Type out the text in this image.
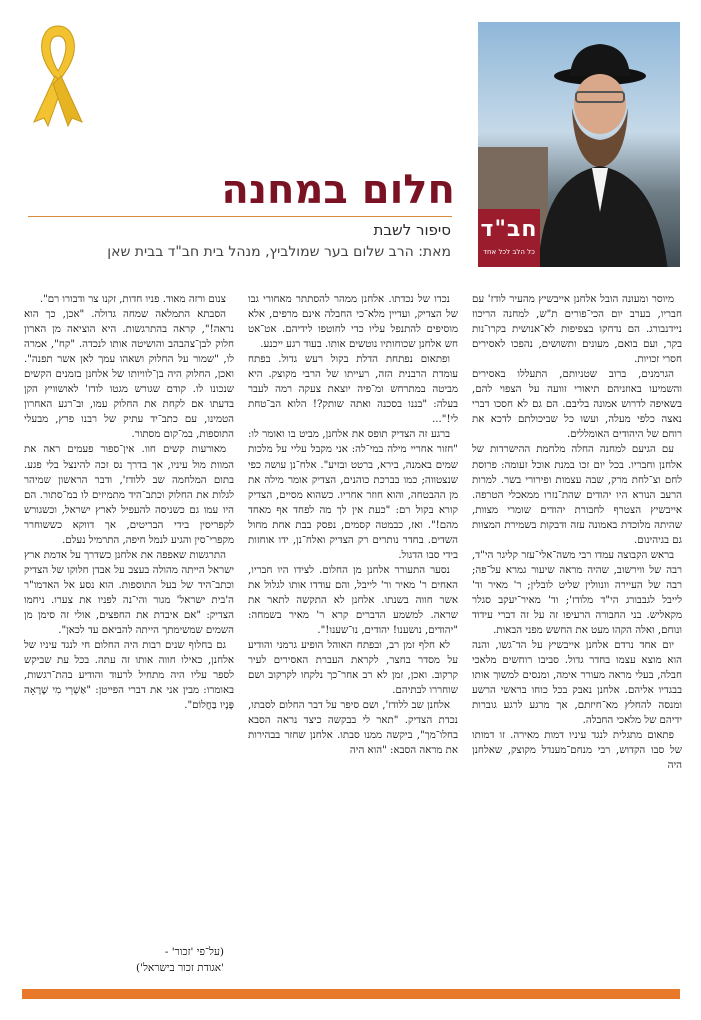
חב"ד
כל הלב לכל אחד
חלום במחנה
סיפור לשבת
מאת: הרב שלום בער שמולביץ, מנהל בית חב"ד בבית שאן

מיוסר ומעונה הובל אלחנן אייבשיץ מהעיר לודז' עם חבריו, בערב יום הכי־פורים ת"ש, למחנה הריכוז ניידנבורג. הם נדחקו בצפיפות לא־אנושית בקרו־נות בקר, ועם בואם, מעונים ותשושים, נהפכו לאסירים חסרי זכויות.

הגרמנים, ברוב שטניותם, התעללו באסירים והשמיעו באוזניהם תיאורי זוועה על הצפוי להם, בשאיפה לדרוש אמונה בליבם. הם גם לא חסכו דברי נאצה כלפי מעלה, ועשו כל שביכולתם לדכא את רוחם של היהודים האומללים.

עם הגיעם למחנה החלה מלחמת ההישרדות של אלחנן וחבריו. בכל יום זכו במנת אוכל זעומה: פרוסת לחם וצ־לחת מרק, שבה עצמות ופירורי בשר. למרות הרעב הנורא היו יהודים שהת־נזרו ממאכלי הטרפה. אייבשיץ הצטרף לחבורת יהודים שומרי מצוות, שהיתה מלוכדת באמונה עזה ודבקות בשמירת המצוות גם בגיהינום.

בראש הקבוצה עמדו רבי משה־אלי־עזר קליגר הי"ד, רבה של ווירשוב, שהיה מראה שיעור גמרא על־פה; רבה של העיירה וונוולין שליט לובלין; ר' מאיר וד' לייבל לגבבורג הי"ד מלודז'; וד' מאיר־יעקב סגלר מקאליש. בני החבורה הרעיפו זה על זה דברי עידוד ונוחם, ואלה הקהו מעט את החשש מפני הבאות.

יום אחד נרדם אלחנן אייבשיץ על הד־גשו, והנה הוא מוצא עצמו בחדר גדול. סביבו רוחשים מלאכי חבלה, בעלי מראה מעורר אימה, ומנסים למשוך אותו בבגדיו אליהם. אלחנן נאבק בכל כוחו בראשי הרשע ומנסה להחלץ מא־חיזתם, אך מרגע לרגע גוברות ידיהם של מלאכי החבלה.

פתאום מתגלית לנגד עיניו דמות מאירה. זו דמותו של סבו הקדוש, רבי מנחם־מענדל מקוצק, שאלחנן היה

נכדו של נכדתו. אלחנן ממהר להסתתר מאחורי גבו של הצדיק, ועדיין מלא־כי החבלה אינם מרפים, אלא מוסיפים להתנפל עליו כדי לחוטפו לידיהם. אט־אט חש אלחנן שכוחותיו נוטשים אותו. בעוד רגע ייכנע.

ופתאום נפתחת הדלת בקול רעש גדול. בפתח עומדת הרבנית הזה, רעייתו של הרבי מקוצק. היא מביטה במתרחש ומ־פיה יוצאת צעקה רמה לעבר בעלה: "בננו בסכנה ואתה שותק?! הלוא הב־טחת לי!"...

ברגע זה הצדיק תופס את אלחנן, מביט בו ואומר לו: "חזור אחריי מילה במי־לה: אני מקבל עליי על מלכות שמים באמנה, בירא, ברטט ובזיע". אלח־נן עושה כפי שנצטווה; כמו בברכת כוהנים, הצדיק אומר מילה את מן ההבטחה, והוא חוזר אחריו. כשהוא מסיים, הצדיק קורא בקול רם: "כעת אין לך מה לפחד אף מאחד מהם!". ואז, כבמטה קסמים, נפסק בבת אחת מחול השדים. בחדר נותרים רק הצדיק ואלח־נן, ידו אוחזות בידי סבו הדגול.

נסער התעורר אלחנן מן החלום. לצידו היו חבריו, האחים ר' מאיר ור' לייבל, והם עודדו אותו לגלול את אשר חווה בשנתו. אלחנן לא התקשה לתאר את שראה. למשמע הדברים קרא ר' מאיר בשמחה: "יהודים, נושענו! יהודים, נו־שענו!".

לא חלף זמן רב, ובפתח האוהל הופיע גרמני והודיע על מסדר בחצר, לקראת העברת האסירים לעיר קרקוב. ואכן, זמן לא רב אחר־כך נלקחו לקרקוב ושם שוחררו לבתיהם.

אלחנן שב ללודז', ושם סיפר על דבר החלום לסבתו, נכדת הצדיק. "תאר לי בבקשה כיצד נראה הסבא בחלו־מך", ביקשה ממנו סבתו. אלחנן שחזר בבהירות את מראה הסבא: "הוא היה

צנום ורזה מאוד. פניו חדות, זקנו צר ודבורו רם".

הסבתא התמלאה שמחה גדולה. "אכן, כך הוא נראה!", קראה בהתרגשות. היא הוציאה מן הארון חלוק לבן־צהבהב והושיטה אותו לנכדה. "קח", אמרה לו, "שמור על החלוק ושאהו עמך לאן אשר תפנה". ואכן, החלוק היה בן־לוויותו של אלחנן בזמנים הקשים שנכונו לו. קודם שגורש מגטו לודז' לאושוויץ הקן בדעתו אם לקחת את החלוק עמו, וב־רגע האחרון הטמינו, עם כתב־יד עתיק של רבנו פרץ, מבעלי התוספות, במ־קום מסתור.

מאורעות קשים חוו. אין־ספור פעמים ראה את המוות מול עיניו, אך בדרך נס זכה להינצל בלי פגע. בתום המלחמה שב ללודז', ודבר הראשון שמיהר לגלות את החלוק וכתב־היד מתמיזים לו במ־סתור. הם היו עמו גם כשניסה להעפיל לארץ ישראל, וכשגורש לקפריסין בידי הבריטים, אך דווקא כששוחרר מקפרי־סין והגיע לנמל חיפה, התרמיל נעלם.

התרגשות שאפפה את אלחנן כשדרך על אדמת ארץ ישראל הייתה מהולה בעצב על אבדן חלוקו של הצדיק וכתב־היד של בעל התוספות. הוא נסע אל האדמו"ר ה'בית ישראל' מגור והי־נה לפניו את צערו. ניחמו הצדיק: "אם איבדת את החפצים, אולי זה סימן מן השמים שמשימתך הייתה להביאם עד לכאן".

גם בחלוף שנים רבות היה החלום חי לנגד עיניו של אלחנן, כאילו חווה אותו זה עתה. בכל עת שביקש לספר עליו היה מתחיל לרעוד והודיע בהת־רגשות, באומרו: מבין אני את דברי הפייטן: "אַשְׁרֵי מִי שֶׁרָאָה פָּנֶיו בַּחֲלוֹם".

(על־פי 'זכור' -
'אגודת זכור בישראל')
